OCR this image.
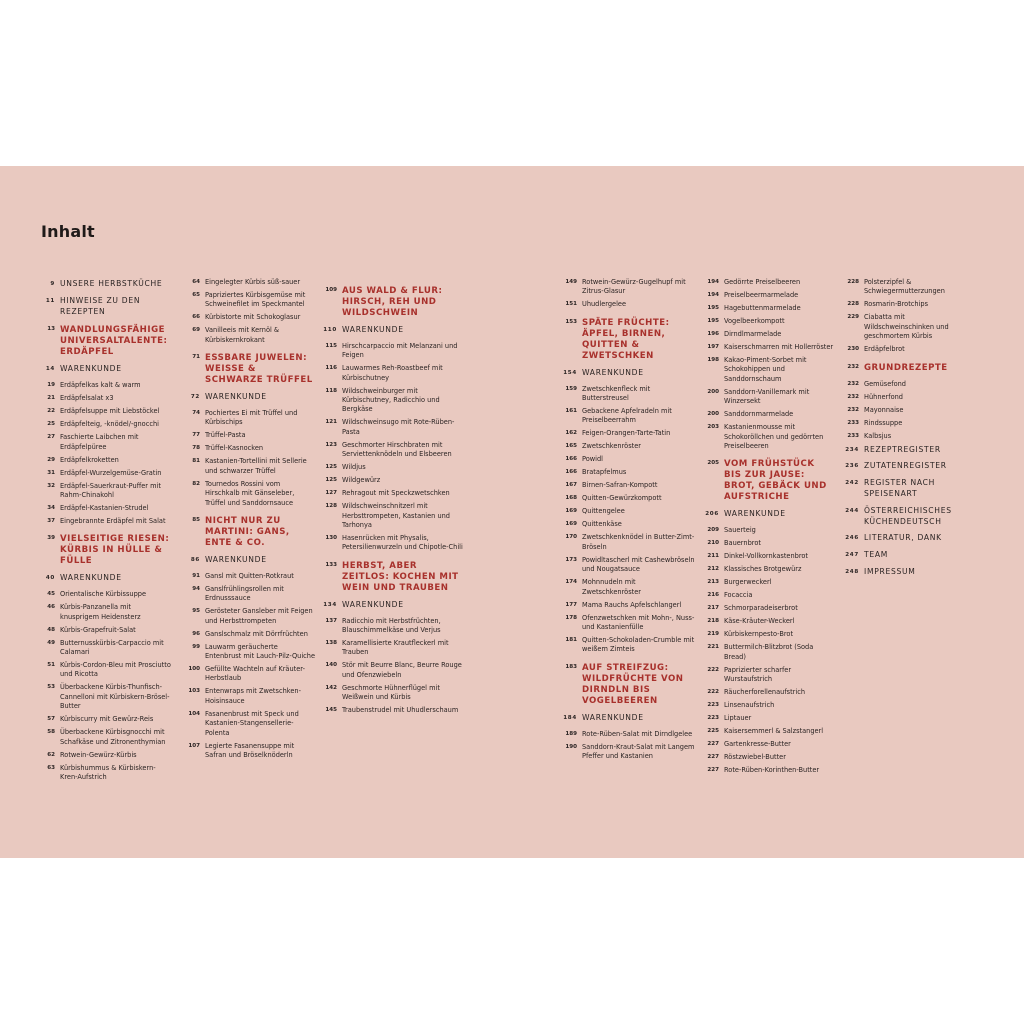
Inhalt
9 UNSERE HERBSTKÜCHE
11 HINWEISE ZU DEN REZEPTEN
13 WANDLUNGSFÄHIGE UNIVERSALTALENTE: ERDÄPFEL
14 WARENKUNDE
19 Erdäpfelkas kalt & warm
21 Erdäpfelsalat x3
22 Erdäpfelsuppe mit Liebstöckel
25 Erdäpfelteig, -knödel/-gnocchi
27 Faschierte Laibchen mit Erdäpfelpüree
29 Erdäpfelkroketten
31 Erdäpfel-Wurzelgemüse-Gratin
32 Erdäpfel-Sauerkraut-Puffer mit Rahm-Chinakohl
34 Erdäpfel-Kastanien-Strudel
37 Eingebrannte Erdäpfel mit Salat
39 VIELSEITIGE RIESEN: KÜRBIS IN HÜLLE & FÜLLE
40 WARENKUNDE
45 Orientalische Kürbissuppe
46 Kürbis-Panzanella mit knusprigem Heidensterz
48 Kürbis-Grapefruit-Salat
49 Butternusskürbis-Carpaccio mit Calamari
51 Kürbis-Cordon-Bleu mit Prosciutto und Ricotta
53 Überbackene Kürbis-Thunfisch-Cannelloni mit Kürbiskern-Brösel-Butter
57 Kürbiscurry mit Gewürz-Reis
58 Überbackene Kürbisgnocchi mit Schafkäse und Zitronenthymian
62 Rotwein-Gewürz-Kürbis
63 Kürbishummus & Kürbiskern-Kren-Aufstrich
64 Eingelegter Kürbis süß-sauer
65 Papriziertes Kürbisgemüse mit Schweinefilet im Speckmantel
66 Kürbistorte mit Schokoglasur
69 Vanilleeis mit Kernöl & Kürbiskernkrokant
71 ESSBARE JUWELEN: WEISSE & SCHWARZE TRÜFFEL
72 WARENKUNDE
74 Pochiertes Ei mit Trüffel und Kürbischips
77 Trüffel-Pasta
78 Trüffel-Kasnocken
81 Kastanien-Tortellini mit Sellerie und schwarzer Trüffel
82 Tournedos Rossini vom Hirschkalb mit Gänseleber, Trüffel und Sanddornsauce
85 NICHT NUR ZU MARTINI: GANS, ENTE & CO.
86 WARENKUNDE
91 Gansl mit Quitten-Rotkraut
94 Ganslfrühlingsrollen mit Erdnusssauce
95 Gerösteter Gansleber mit Feigen und Herbsttrompeten
96 Ganslschmalz mit Dörrfrüchten
99 Lauwarm geräucherte Entenbrust mit Lauch-Pilz-Quiche
100 Gefüllte Wachteln auf Kräuter-Herbstlaub
103 Entenwraps mit Zwetschken-Hoisinsauce
104 Fasanenbrust mit Speck und Kastanien-Stangensellerie-Polenta
107 Legierte Fasanensuppe mit Safran und Bröselknöderln
109 AUS WALD & FLUR: HIRSCH, REH UND WILDSCHWEIN
110 WARENKUNDE
115 Hirschcarpaccio mit Melanzani und Feigen
116 Lauwarmes Reh-Roastbeef mit Kürbischutney
118 Wildschweinburger mit Kürbischutney, Radicchio und Bergkäse
121 Wildschweinsugo mit Rote-Rüben-Pasta
123 Geschmorter Hirschbraten mit Serviettenknödeln und Elsbeeren
125 Wildjus
125 Wildgewürz
127 Rehragout mit Speckzwetschken
128 Wildschweinschnitzerl mit Herbsttrompeten, Kastanien und Tarhonya
130 Hasenrücken mit Physalis, Petersilienwurzeln und Chipotle-Chili
133 HERBST, ABER ZEITLOS: KOCHEN MIT WEIN UND TRAUBEN
134 WARENKUNDE
137 Radicchio mit Herbstfrüchten, Blauschimmelkäse und Verjus
138 Karamellisierte Krautfleckerl mit Trauben
140 Stör mit Beurre Blanc, Beurre Rouge und Ofenzwiebeln
142 Geschmorte Hühnerflügel mit Weißwein und Kürbis
145 Traubenstrudel mit Uhudlerschaum
149 Rotwein-Gewürz-Gugelhupf mit Zitrus-Glasur
151 Uhudlergelee
153 SPÄTE FRÜCHTE: ÄPFEL, BIRNEN, QUITTEN & ZWETSCHKEN
154 WARENKUNDE
159 Zwetschkenfleck mit Butterstreusel
161 Gebackene Apfelradeln mit Preiselbeerrahm
162 Feigen-Orangen-Tarte-Tatin
165 Zwetschkenröster
166 Powidl
166 Bratapfelmus
167 Birnen-Safran-Kompott
168 Quitten-Gewürzkompott
169 Quittengelee
169 Quittenkäse
170 Zwetschkenknödel in Butter-Zimt-Bröseln
173 Powidltascherl mit Cashewbröseln und Nougatsauce
174 Mohnnudeln mit Zwetschkenröster
177 Mama Rauchs Apfelschlangerl
178 Ofenzwetschken mit Mohn-, Nuss- und Kastanienfülle
181 Quitten-Schokoladen-Crumble mit weißem Zimteis
183 AUF STREIFZUG: WILDFRÜCHTE VON DIRNDLN BIS VOGELBEEREN
184 WARENKUNDE
189 Rote-Rüben-Salat mit Dirndlgelee
190 Sanddorn-Kraut-Salat mit Langem Pfeffer und Kastanien
194 Gedörrte Preiselbeeren
194 Preiselbeermarmelade
195 Hagebuttenmarmelade
195 Vogelbeerkompott
196 Dirndlmarmelade
197 Kaiserschmarren mit Hollerröster
198 Kakao-Piment-Sorbet mit Schokohippen und Sanddornschaum
200 Sanddorn-Vanillemark mit Winzersekt
200 Sanddornmarmelade
203 Kastanienmousse mit Schokoröllchen und gedörrten Preiselbeeren
205 VOM FRÜHSTÜCK BIS ZUR JAUSE: BROT, GEBÄCK UND AUFSTRICHE
206 WARENKUNDE
209 Sauerteig
210 Bauernbrot
211 Dinkel-Vollkornkastenbrot
212 Klassisches Brotgewürz
213 Burgerweckerl
216 Focaccia
217 Schmorparadeiserbrot
218 Käse-Kräuter-Weckerl
219 Kürbiskernpesto-Brot
221 Buttermilch-Blitzbrot (Soda Bread)
222 Paprizierter scharfer Wurstaufstrich
222 Räucherforellenaufstrich
223 Linsenaufstrich
223 Liptauer
225 Kaisersemmerl & Salzstangerl
227 Gartenkresse-Butter
227 Röstzwiebel-Butter
227 Rote-Rüben-Korinthen-Butter
228 Polsterzipfel & Schwiegermutterzungen
228 Rosmarin-Brotchips
229 Ciabatta mit Wildschweinschinken und geschmortem Kürbis
230 Erdäpfelbrot
232 GRUNDREZEPTE
232 Gemüsefond
232 Hühnerfond
232 Mayonnaise
233 Rindssuppe
233 Kalbsjus
234 REZEPTREGISTER
236 ZUTATENREGISTER
242 REGISTER NACH SPEISENART
244 ÖSTERREICHISCHES KÜCHENDEUTSCH
246 LITERATUR, DANK
247 TEAM
248 IMPRESSUM
